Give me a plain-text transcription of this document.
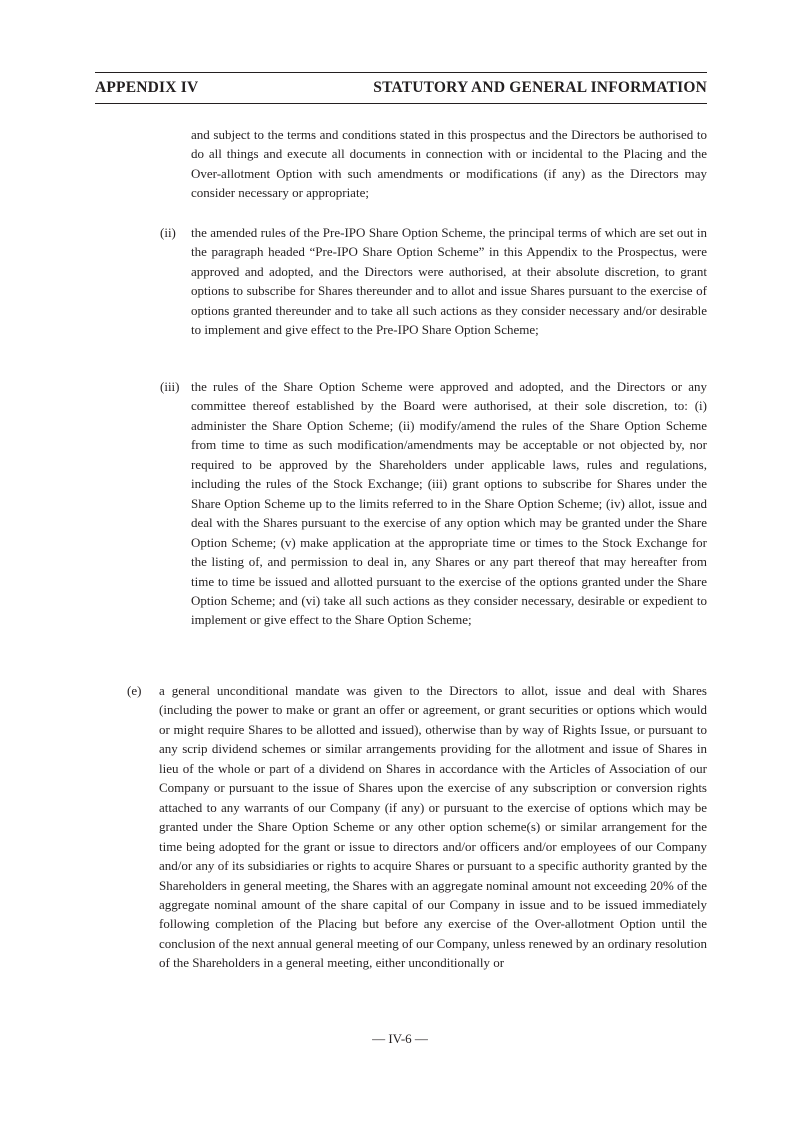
APPENDIX IV	STATUTORY AND GENERAL INFORMATION

and subject to the terms and conditions stated in this prospectus and the Directors be authorised to do all things and execute all documents in connection with or incidental to the Placing and the Over-allotment Option with such amendments or modifications (if any) as the Directors may consider necessary or appropriate;

(ii) the amended rules of the Pre-IPO Share Option Scheme, the principal terms of which are set out in the paragraph headed “Pre-IPO Share Option Scheme” in this Appendix to the Prospectus, were approved and adopted, and the Directors were authorised, at their absolute discretion, to grant options to subscribe for Shares thereunder and to allot and issue Shares pursuant to the exercise of options granted thereunder and to take all such actions as they consider necessary and/or desirable to implement and give effect to the Pre-IPO Share Option Scheme;

(iii) the rules of the Share Option Scheme were approved and adopted, and the Directors or any committee thereof established by the Board were authorised, at their sole discretion, to: (i) administer the Share Option Scheme; (ii) modify/amend the rules of the Share Option Scheme from time to time as such modification/amendments may be acceptable or not objected by, nor required to be approved by the Shareholders under applicable laws, rules and regulations, including the rules of the Stock Exchange; (iii) grant options to subscribe for Shares under the Share Option Scheme up to the limits referred to in the Share Option Scheme; (iv) allot, issue and deal with the Shares pursuant to the exercise of any option which may be granted under the Share Option Scheme; (v) make application at the appropriate time or times to the Stock Exchange for the listing of, and permission to deal in, any Shares or any part thereof that may hereafter from time to time be issued and allotted pursuant to the exercise of the options granted under the Share Option Scheme; and (vi) take all such actions as they consider necessary, desirable or expedient to implement or give effect to the Share Option Scheme;

(e) a general unconditional mandate was given to the Directors to allot, issue and deal with Shares (including the power to make or grant an offer or agreement, or grant securities or options which would or might require Shares to be allotted and issued), otherwise than by way of Rights Issue, or pursuant to any scrip dividend schemes or similar arrangements providing for the allotment and issue of Shares in lieu of the whole or part of a dividend on Shares in accordance with the Articles of Association of our Company or pursuant to the issue of Shares upon the exercise of any subscription or conversion rights attached to any warrants of our Company (if any) or pursuant to the exercise of options which may be granted under the Share Option Scheme or any other option scheme(s) or similar arrangement for the time being adopted for the grant or issue to directors and/or officers and/or employees of our Company and/or any of its subsidiaries or rights to acquire Shares or pursuant to a specific authority granted by the Shareholders in general meeting, the Shares with an aggregate nominal amount not exceeding 20% of the aggregate nominal amount of the share capital of our Company in issue and to be issued immediately following completion of the Placing but before any exercise of the Over-allotment Option until the conclusion of the next annual general meeting of our Company, unless renewed by an ordinary resolution of the Shareholders in a general meeting, either unconditionally or

— IV-6 —
